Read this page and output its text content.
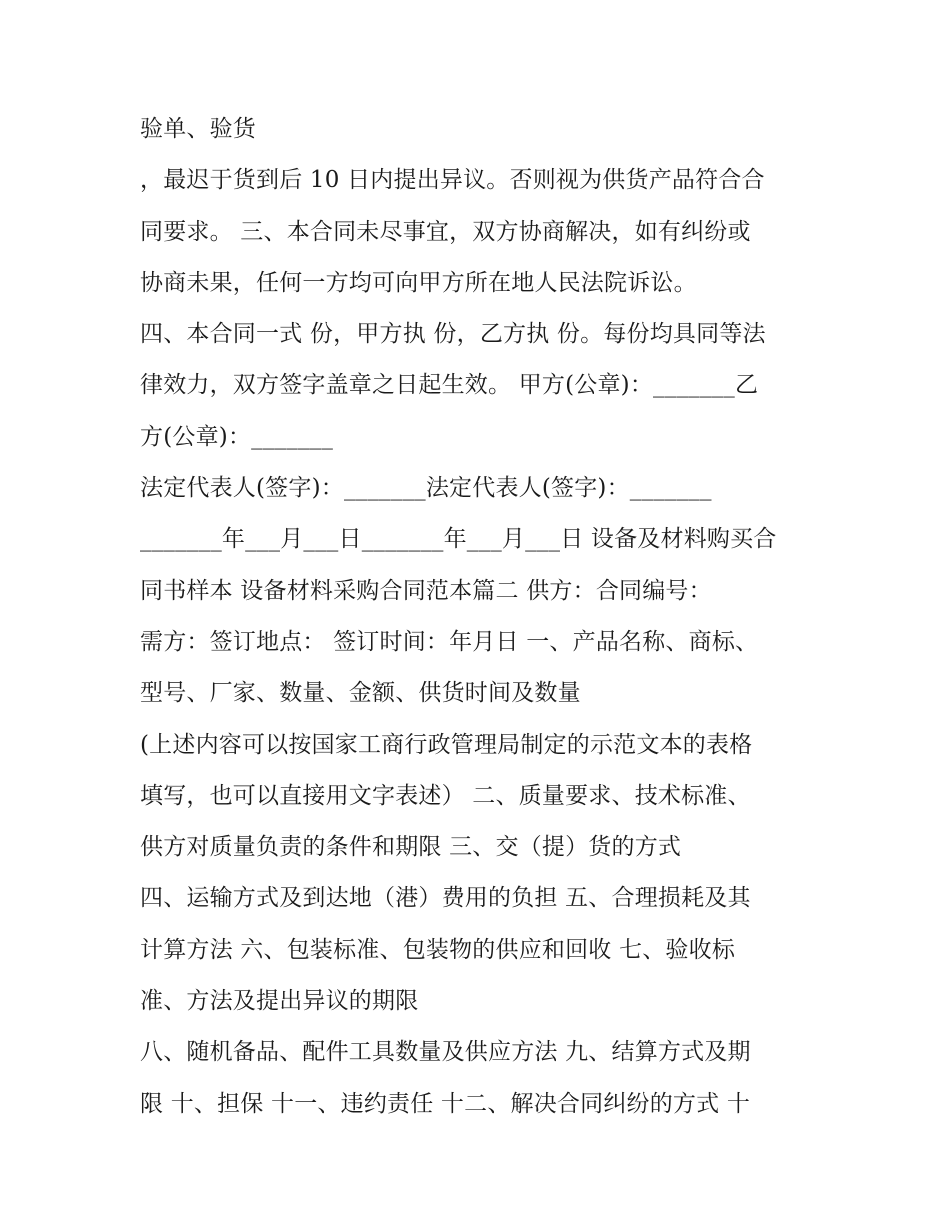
验单、验货
，最迟于货到后 10 日内提出异议。否则视为供货产品符合合
同要求。 三、本合同未尽事宜，双方协商解决，如有纠纷或
协商未果，任何一方均可向甲方所在地人民法院诉讼。
四、本合同一式 份，甲方执 份，乙方执 份。每份均具同等法
律效力，双方签字盖章之日起生效。 甲方(公章)：_______乙
方(公章)：_______
法定代表人(签字)：_______法定代表人(签字)：_______
_______年___月___日_______年___月___日 设备及材料购买合
同书样本 设备材料采购合同范本篇二 供方：合同编号：
需方：签订地点： 签订时间：年月日 一、产品名称、商标、
型号、厂家、数量、金额、供货时间及数量
(上述内容可以按国家工商行政管理局制定的示范文本的表格
填写，也可以直接用文字表述） 二、质量要求、技术标准、
供方对质量负责的条件和期限 三、交（提）货的方式
四、运输方式及到达地（港）费用的负担 五、合理损耗及其
计算方法 六、包装标准、包装物的供应和回收 七、验收标
准、方法及提出异议的期限
八、随机备品、配件工具数量及供应方法 九、结算方式及期
限 十、担保 十一、违约责任 十二、解决合同纠纷的方式 十
